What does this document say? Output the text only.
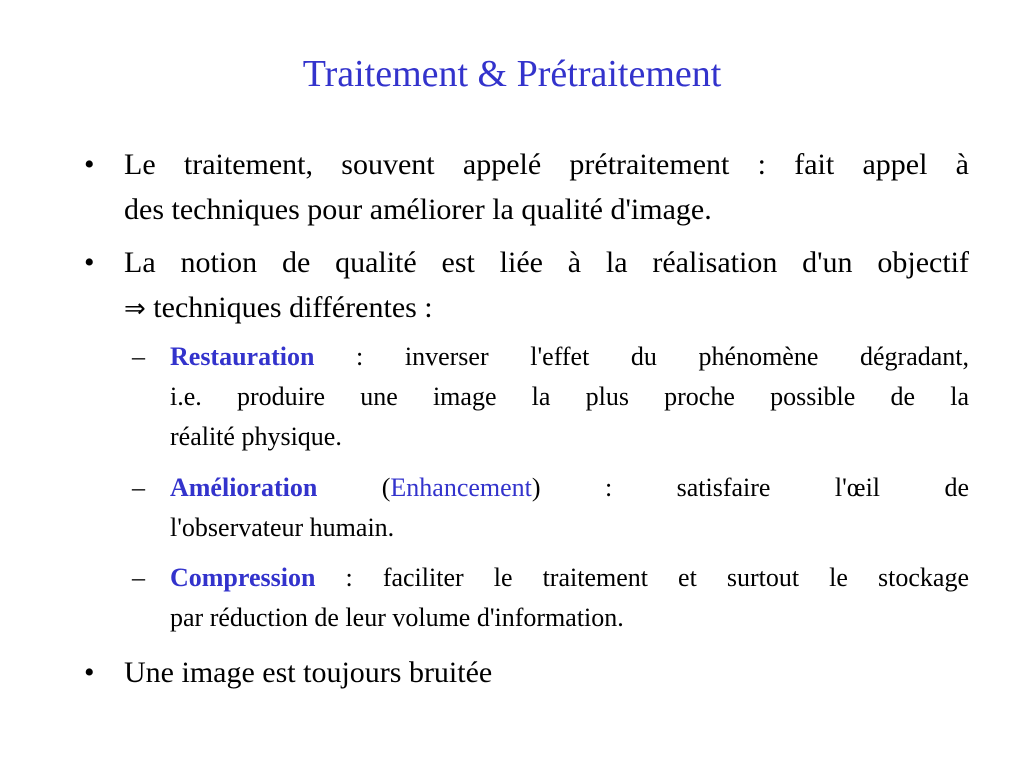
Traitement & Prétraitement
• Le traitement, souvent appelé prétraitement : fait appel à
des techniques pour améliorer la qualité d'image.
• La notion de qualité est liée à la réalisation d'un objectif
⇒ techniques différentes :
– Restauration : inverser l'effet du phénomène dégradant,
i.e. produire une image la plus proche possible de la
réalité physique.
– Amélioration (Enhancement) : satisfaire l'œil de
l'observateur humain.
– Compression : faciliter le traitement et surtout le stockage
par réduction de leur volume d'information.
• Une image est toujours bruitée
